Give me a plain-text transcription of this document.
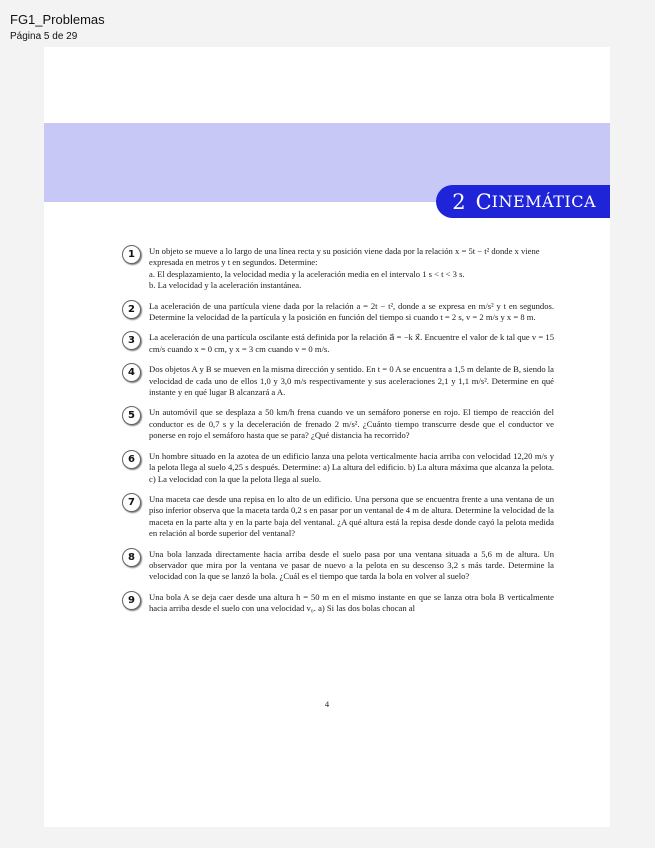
FG1_Problemas
Página 5 de 29
2 C INEMÁTICA
1	Un objeto se mueve a lo largo de una línea recta y su posición viene dada por la relación x = 5t − t² donde x viene expresada en metros y t en segundos. Determine:
a. El desplazamiento, la velocidad media y la aceleración media en el intervalo 1 s < t < 3 s.
b. La velocidad y la aceleración instantánea.
2	La aceleración de una partícula viene dada por la relación a = 2t − t², donde a se expresa en m/s² y t en segundos. Determine la velocidad de la partícula y la posición en función del tiempo si cuando t = 2 s, v = 2 m/s y x = 8 m.
3	La aceleración de una partícula oscilante está definida por la relación a⃗ = −k x⃗. Encuentre el valor de k tal que v = 15 cm/s cuando x = 0 cm, y x = 3 cm cuando v = 0 m/s.
4	Dos objetos A y B se mueven en la misma dirección y sentido. En t = 0 A se encuentra a 1,5 m delante de B, siendo la velocidad de cada uno de ellos 1,0 y 3,0 m/s respectivamente y sus aceleraciones 2,1 y 1,1 m/s². Determine en qué instante y en qué lugar B alcanzará a A.
5	Un automóvil que se desplaza a 50 km/h frena cuando ve un semáforo ponerse en rojo. El tiempo de reacción del conductor es de 0,7 s y la deceleración de frenado 2 m/s². ¿Cuánto tiempo transcurre desde que el conductor ve ponerse en rojo el semáforo hasta que se para? ¿Qué distancia ha recorrido?
6	Un hombre situado en la azotea de un edificio lanza una pelota verticalmente hacia arriba con velocidad 12,20 m/s y la pelota llega al suelo 4,25 s después. Determine: a) La altura del edificio. b) La altura máxima que alcanza la pelota. c) La velocidad con la que la pelota llega al suelo.
7	Una maceta cae desde una repisa en lo alto de un edificio. Una persona que se encuentra frente a una ventana de un piso inferior observa que la maceta tarda 0,2 s en pasar por un ventanal de 4 m de altura. Determine la velocidad de la maceta en la parte alta y en la parte baja del ventanal. ¿A qué altura está la repisa desde donde cayó la pelota medida en relación al borde superior del ventanal?
8	Una bola lanzada directamente hacia arriba desde el suelo pasa por una ventana situada a 5,6 m de altura. Un observador que mira por la ventana ve pasar de nuevo a la pelota en su descenso 3,2 s más tarde. Determine la velocidad con la que se lanzó la bola. ¿Cuál es el tiempo que tarda la bola en volver al suelo?
9	Una bola A se deja caer desde una altura h = 50 m en el mismo instante en que se lanza otra bola B verticalmente hacia arriba desde el suelo con una velocidad v₀. a) Si las dos bolas chocan al
4
